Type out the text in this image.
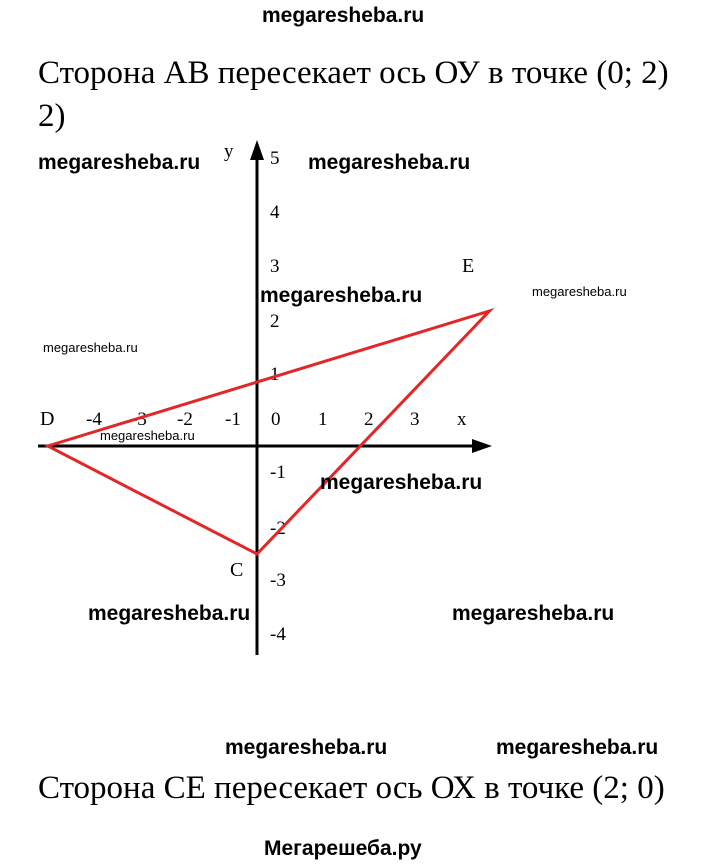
megaresheba.ru
Сторона АВ пересекает ось ОУ в точке (0; 2)
2)
y
x
-4 -3 -2 -1 0 1 2 3
5
4
3
2
1
-1
-2
-3
-4
D
E
C
megaresheba.ru	megaresheba.ru
megaresheba.ru	megaresheba.ru
megaresheba.ru
megaresheba.ru
megaresheba.ru
megaresheba.ru	megaresheba.ru
megaresheba.ru	megaresheba.ru
Сторона СЕ пересекает ось ОХ в точке (2; 0)
Мегарешеба.ру
